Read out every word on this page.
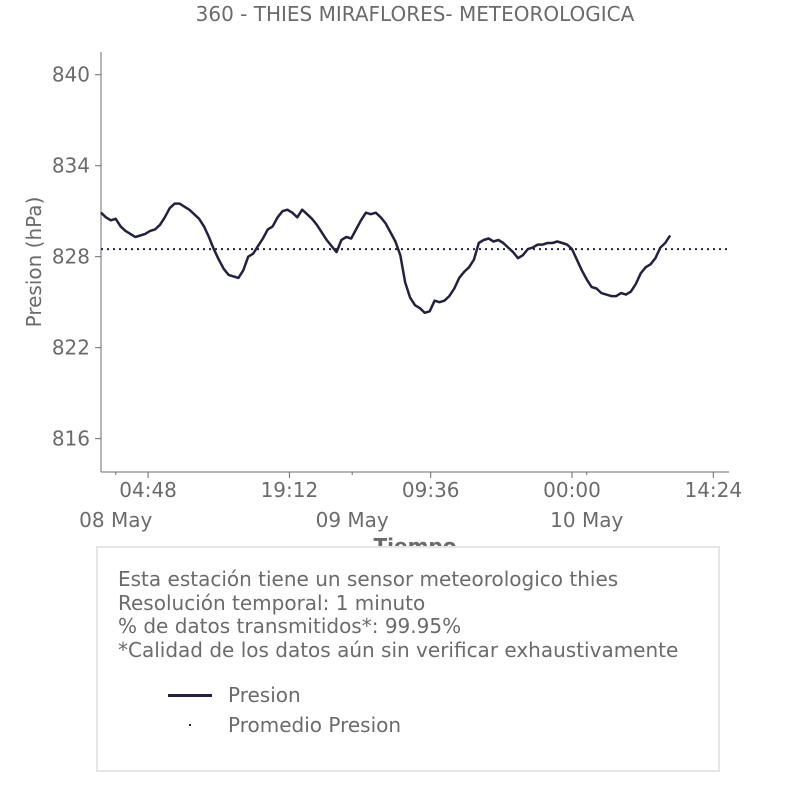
360 - THIES MIRAFLORES- METEOROLOGICA
Presion (hPa)
816
822
828
834
840
04:48	19:12	09:36	00:00	14:24
08 May	09 May	10 May
Esta estación tiene un sensor meteorologico thies
Resolución temporal: 1 minuto
% de datos transmitidos*: 99.95%
*Calidad de los datos aún sin verificar exhaustivamente
Presion
Promedio Presion
